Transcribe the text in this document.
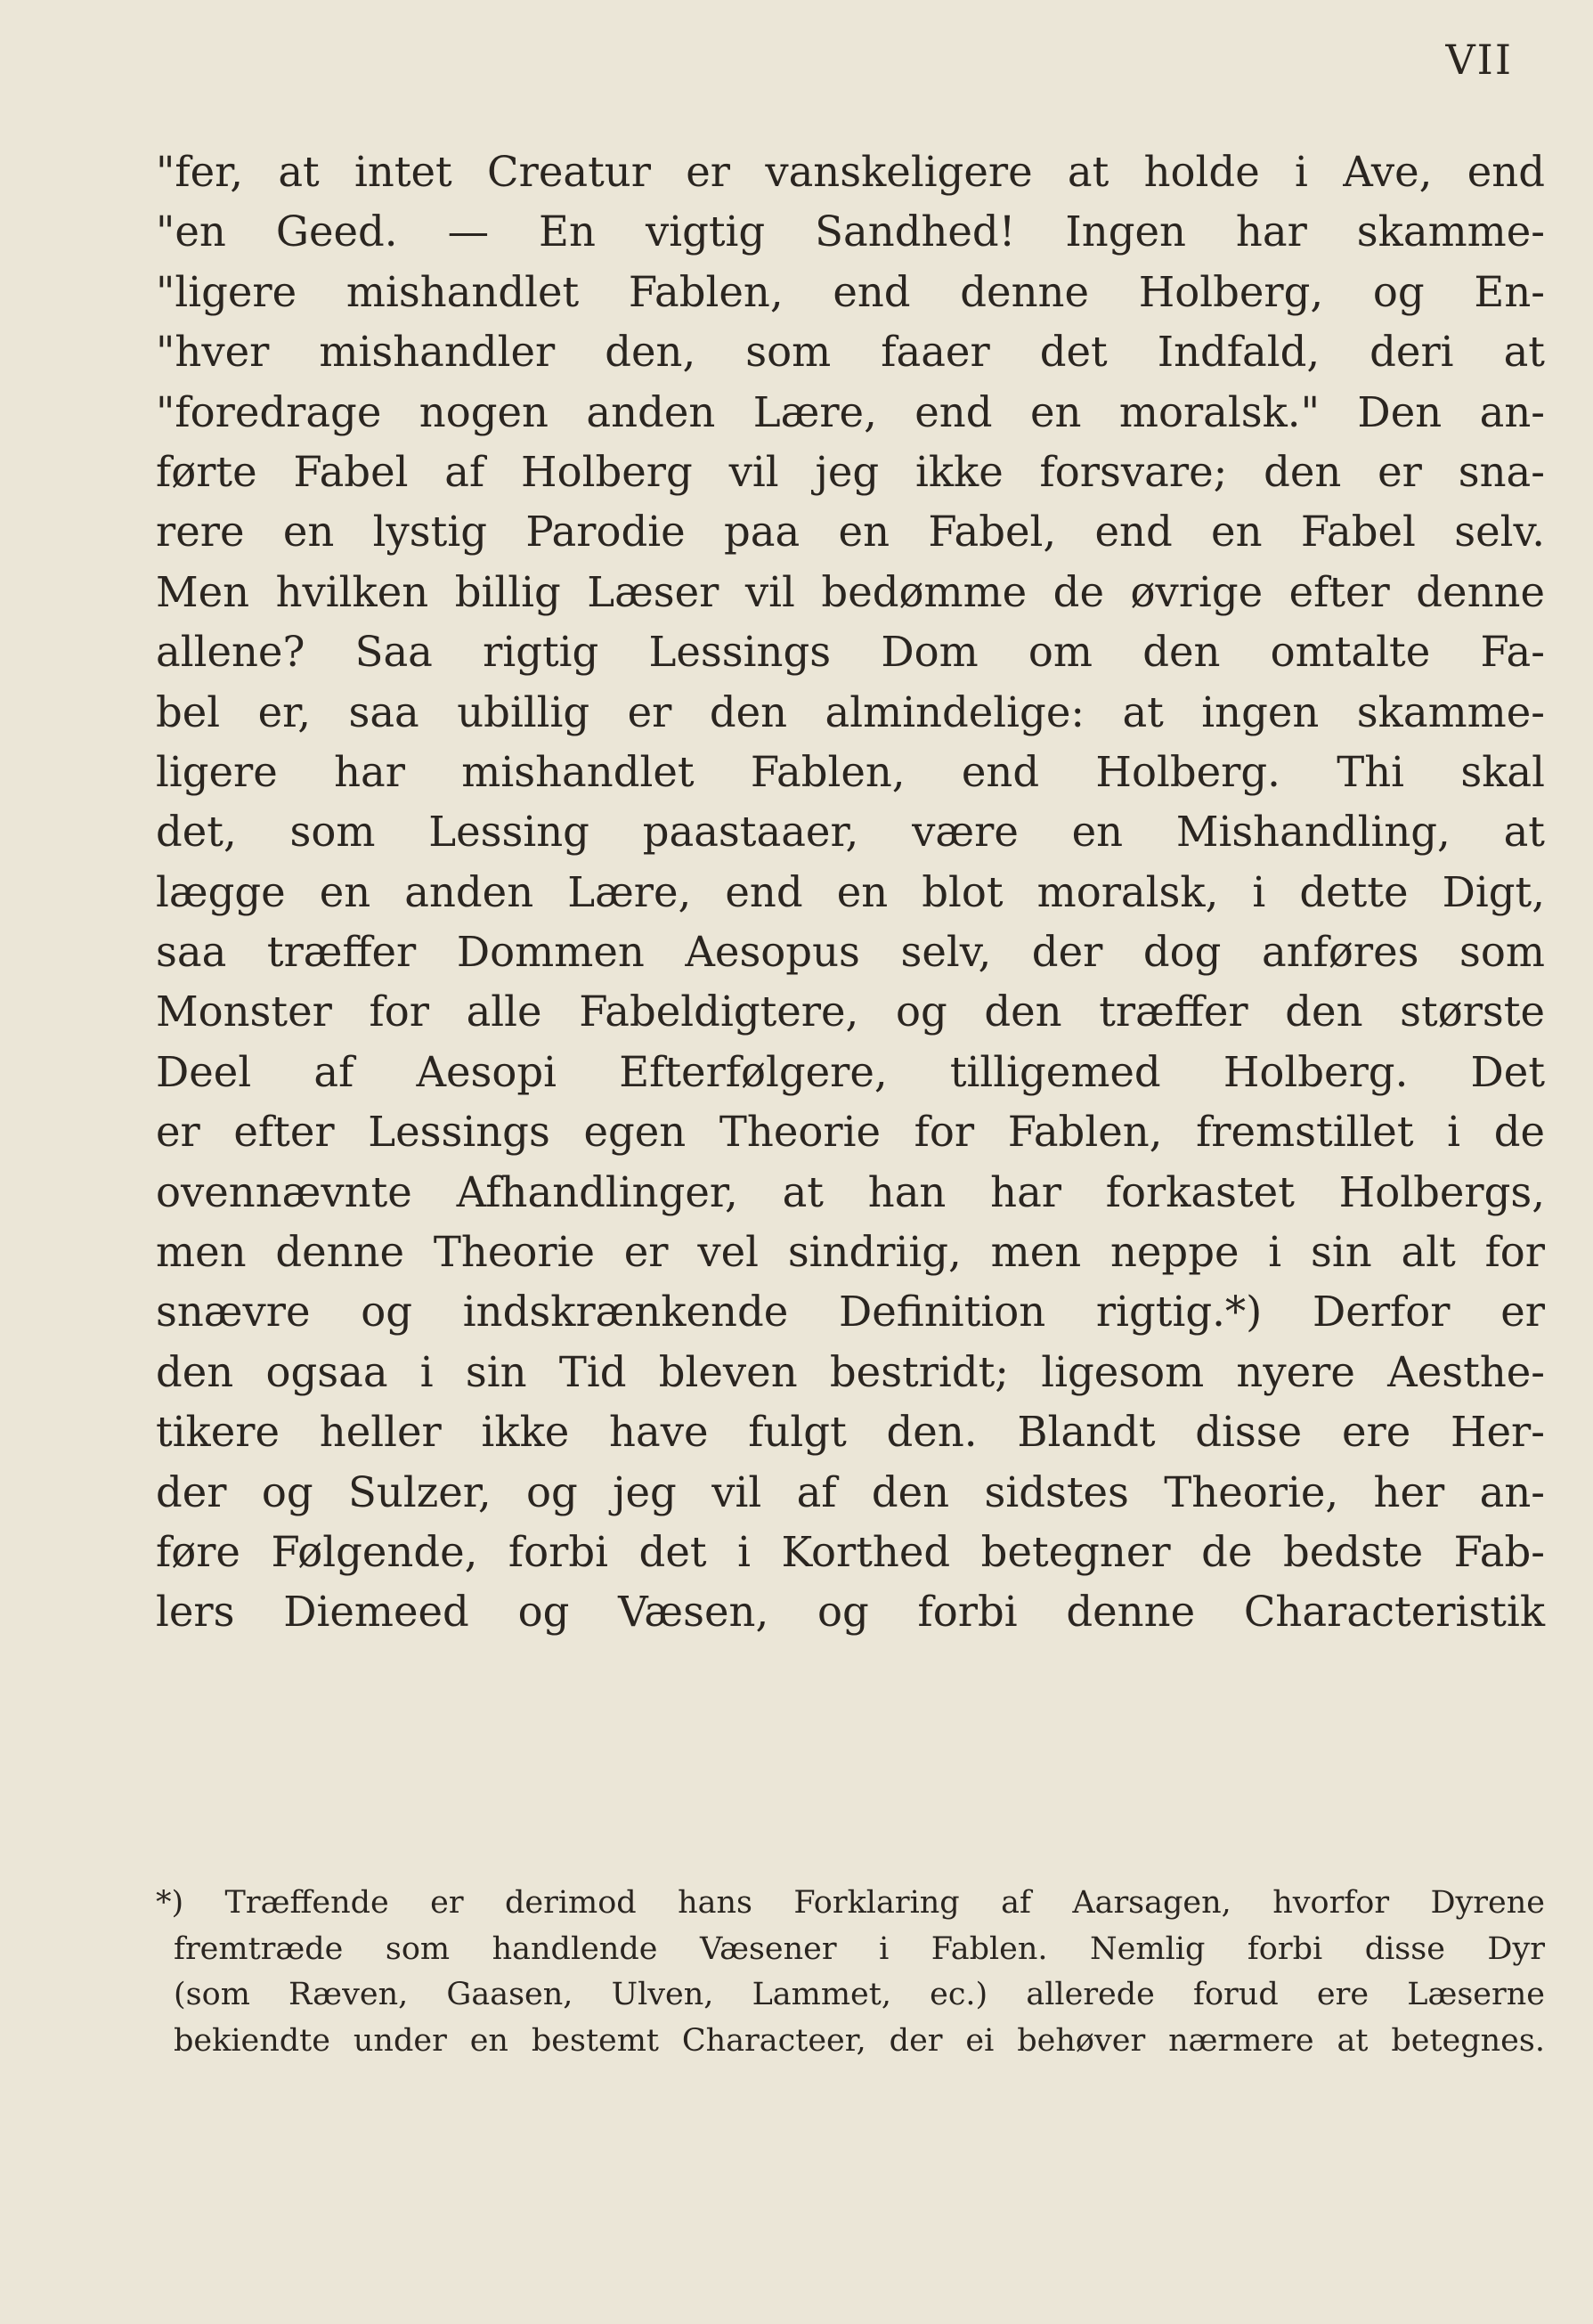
VII
"fer, at intet Creatur er vanskeligere at holde i Ave, end
"en Geed. — En vigtig Sandhed! Ingen har skamme-
"ligere mishandlet Fablen, end denne Holberg, og En-
"hver mishandler den, som faaer det Indfald, deri at
"foredrage nogen anden Lære, end en moralsk." Den an-
førte Fabel af Holberg vil jeg ikke forsvare; den er sna-
rere en lystig Parodie paa en Fabel, end en Fabel selv.
Men hvilken billig Læser vil bedømme de øvrige efter denne
allene? Saa rigtig Lessings Dom om den omtalte Fa-
bel er, saa ubillig er den almindelige: at ingen skamme-
ligere har mishandlet Fablen, end Holberg. Thi skal
det, som Lessing paastaaer, være en Mishandling, at
lægge en anden Lære, end en blot moralsk, i dette Digt,
saa træffer Dommen Aesopus selv, der dog anføres som
Monster for alle Fabeldigtere, og den træffer den største
Deel af Aesopi Efterfølgere, tilligemed Holberg. Det
er efter Lessings egen Theorie for Fablen, fremstillet i de
ovennævnte Afhandlinger, at han har forkastet Holbergs,
men denne Theorie er vel sindriig, men neppe i sin alt for
snævre og indskrænkende Definition rigtig.*) Derfor er
den ogsaa i sin Tid bleven bestridt; ligesom nyere Aesthe-
tikere heller ikke have fulgt den. Blandt disse ere Her-
der og Sulzer, og jeg vil af den sidstes Theorie, her an-
føre Følgende, forbi det i Korthed betegner de bedste Fab-
lers Diemeed og Væsen, og forbi denne Characteristik
*) Træffende er derimod hans Forklaring af Aarsagen, hvorfor Dyrene
fremtræde som handlende Væsener i Fablen. Nemlig forbi disse Dyr
(som Ræven, Gaasen, Ulven, Lammet, ec.) allerede forud ere Læserne
bekiendte under en bestemt Characteer, der ei behøver nærmere at betegnes.
